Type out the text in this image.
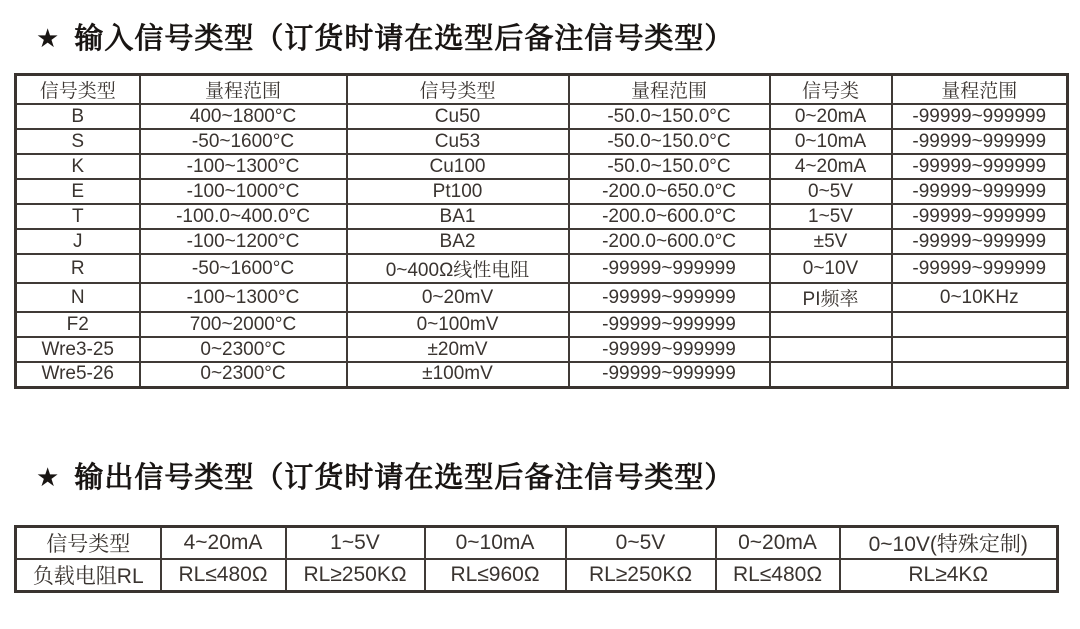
★ 输入信号类型（订货时请在选型后备注信号类型）
信号类型	量程范围	信号类型	量程范围	信号类	量程范围
B	400~1800°C	Cu50	-50.0~150.0°C	0~20mA	-99999~999999
S	-50~1600°C	Cu53	-50.0~150.0°C	0~10mA	-99999~999999
K	-100~1300°C	Cu100	-50.0~150.0°C	4~20mA	-99999~999999
E	-100~1000°C	Pt100	-200.0~650.0°C	0~5V	-99999~999999
T	-100.0~400.0°C	BA1	-200.0~600.0°C	1~5V	-99999~999999
J	-100~1200°C	BA2	-200.0~600.0°C	±5V	-99999~999999
R	-50~1600°C	0~400Ω线性电阻	-99999~999999	0~10V	-99999~999999
N	-100~1300°C	0~20mV	-99999~999999	PI频率	0~10KHz
F2	700~2000°C	0~100mV	-99999~999999		
Wre3-25	0~2300°C	±20mV	-99999~999999		
Wre5-26	0~2300°C	±100mV	-99999~999999		
★ 输出信号类型（订货时请在选型后备注信号类型）
信号类型	4~20mA	1~5V	0~10mA	0~5V	0~20mA	0~10V(特殊定制)
负载电阻RL	RL≤480Ω	RL≥250KΩ	RL≤960Ω	RL≥250KΩ	RL≤480Ω	RL≥4KΩ
